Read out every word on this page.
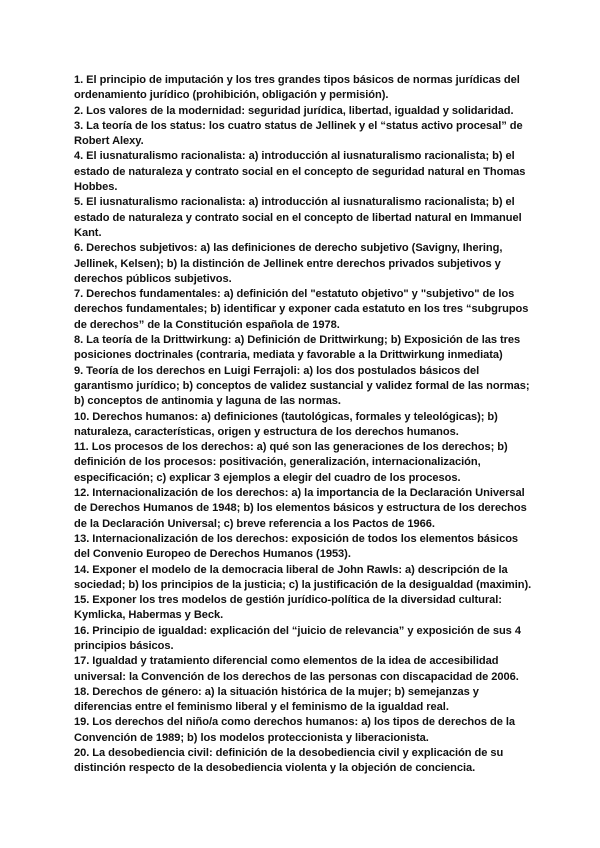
1. El principio de imputación y los tres grandes tipos básicos de normas jurídicas del ordenamiento jurídico (prohibición, obligación y permisión).

2. Los valores de la modernidad: seguridad jurídica, libertad, igualdad y solidaridad.

3. La teoría de los status: los cuatro status de Jellinek y el “status activo procesal” de Robert Alexy.

4. El iusnaturalismo racionalista: a) introducción al iusnaturalismo racionalista; b) el estado de naturaleza y contrato social en el concepto de seguridad natural en Thomas Hobbes.

5. El iusnaturalismo racionalista: a) introducción al iusnaturalismo racionalista; b) el estado de naturaleza y contrato social en el concepto de libertad natural en Immanuel Kant.

6. Derechos subjetivos: a) las definiciones de derecho subjetivo (Savigny, Ihering, Jellinek, Kelsen); b) la distinción de Jellinek entre derechos privados subjetivos y derechos públicos subjetivos.

7. Derechos fundamentales: a) definición del "estatuto objetivo" y "subjetivo" de los derechos fundamentales; b) identificar y exponer cada estatuto en los tres “subgrupos de derechos” de la Constitución española de 1978.

8. La teoría de la Drittwirkung: a) Definición de Drittwirkung; b) Exposición de las tres posiciones doctrinales (contraria, mediata y favorable a la Drittwirkung inmediata)

9. Teoría de los derechos en Luigi Ferrajoli: a) los dos postulados básicos del garantismo jurídico; b) conceptos de validez sustancial y validez formal de las normas; b) conceptos de antinomia y laguna de las normas.

10. Derechos humanos: a) definiciones (tautológicas, formales y teleológicas); b) naturaleza, características, origen y estructura de los derechos humanos.

11. Los procesos de los derechos: a) qué son las generaciones de los derechos; b) definición de los procesos: positivación, generalización, internacionalización, especificación; c) explicar 3 ejemplos a elegir del cuadro de los procesos.

12. Internacionalización de los derechos: a) la importancia de la Declaración Universal de Derechos Humanos de 1948; b) los elementos básicos y estructura de los derechos de la Declaración Universal; c) breve referencia a los Pactos de 1966.

13. Internacionalización de los derechos: exposición de todos los elementos básicos del Convenio Europeo de Derechos Humanos (1953).

14. Exponer el modelo de la democracia liberal de John Rawls: a) descripción de la sociedad; b) los principios de la justicia; c) la justificación de la desigualdad (maximin).

15. Exponer los tres modelos de gestión jurídico-política de la diversidad cultural: Kymlicka, Habermas y Beck.

16. Principio de igualdad: explicación del “juicio de relevancia” y exposición de sus 4 principios básicos.

17. Igualdad y tratamiento diferencial como elementos de la idea de accesibilidad universal: la Convención de los derechos de las personas con discapacidad de 2006.

18. Derechos de género: a) la situación histórica de la mujer; b) semejanzas y diferencias entre el feminismo liberal y el feminismo de la igualdad real.

19. Los derechos del niño/a como derechos humanos: a) los tipos de derechos de la Convención de 1989; b) los modelos proteccionista y liberacionista.

20. La desobediencia civil: definición de la desobediencia civil y explicación de su distinción respecto de la desobediencia violenta y la objeción de conciencia.
